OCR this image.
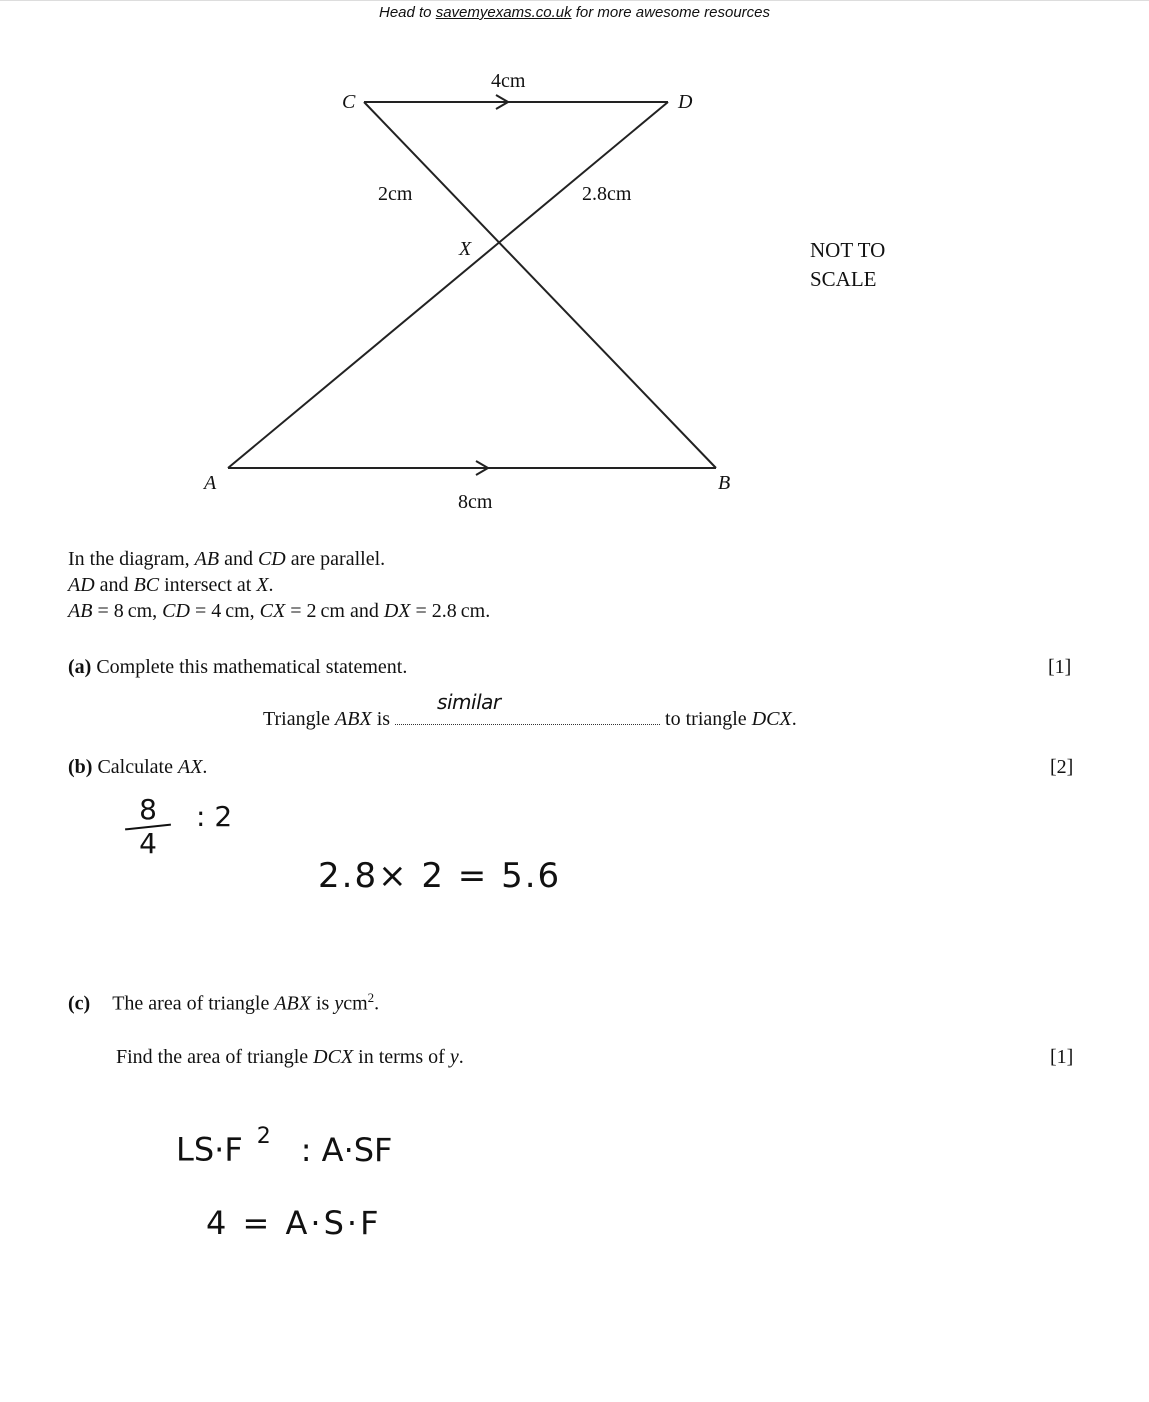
Head to savemyexams.co.uk for more awesome resources
C	D
X
A	B
4cm
2cm	2.8cm
8cm
NOT TO
SCALE
In the diagram, AB and CD are parallel.
AD and BC intersect at X.
AB = 8 cm, CD = 4 cm, CX = 2 cm and DX = 2.8 cm.
(a) Complete this mathematical statement.	[1]
Triangle ABX is
similar
to triangle DCX.
(b) Calculate AX.	[2]
8
4
: 2
2.8× 2 = 5.6
(c) The area of triangle ABX is ycm$^2$.
Find the area of triangle DCX in terms of y.	[1]
LS·F $^2$ : A·SF
4 = A·S·F
